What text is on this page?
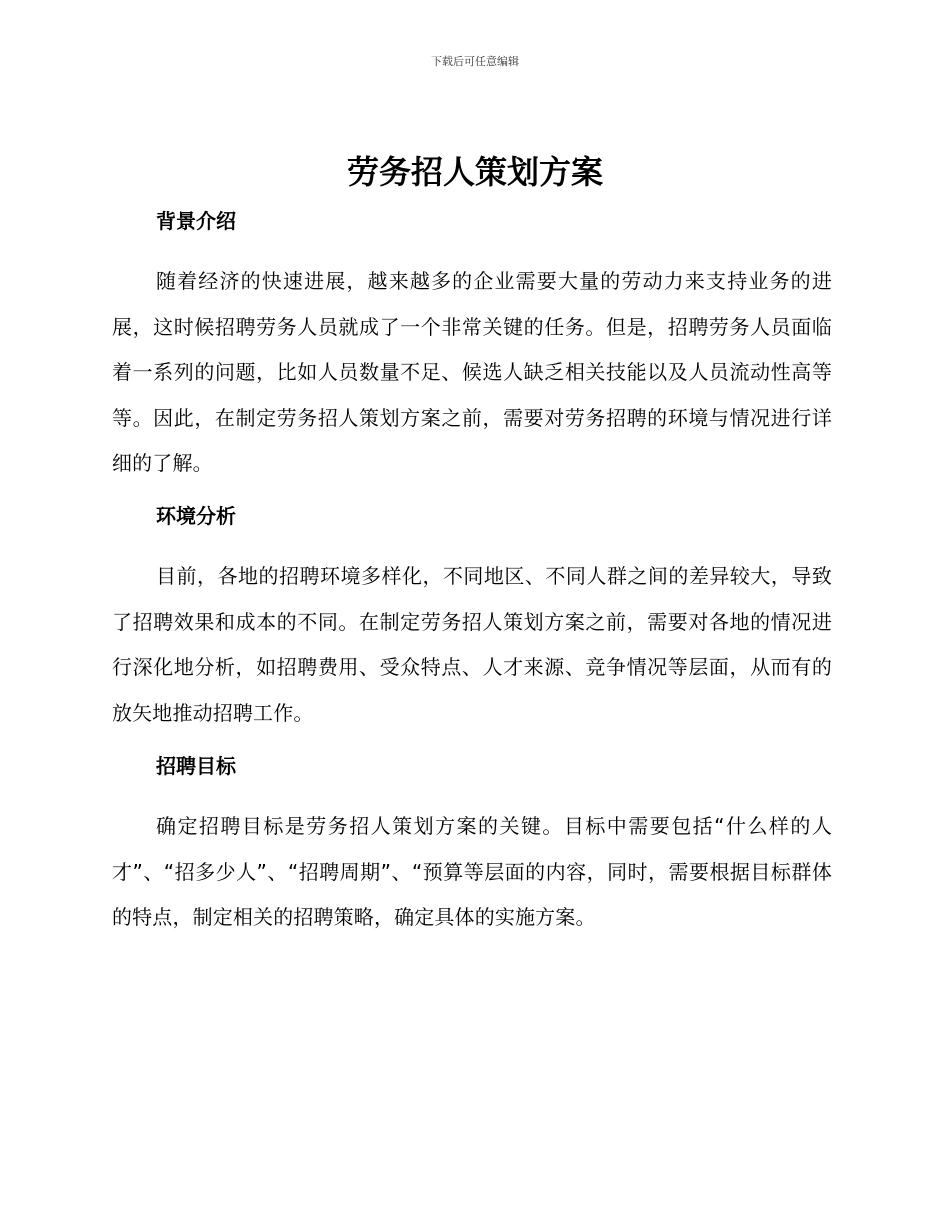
下载后可任意编辑
劳务招人策划方案
背景介绍

随着经济的快速进展，越来越多的企业需要大量的劳动力来支持业务的进展，这时候招聘劳务人员就成了一个非常关键的任务。但是，招聘劳务人员面临着一系列的问题，比如人员数量不足、候选人缺乏相关技能以及人员流动性高等等。因此，在制定劳务招人策划方案之前，需要对劳务招聘的环境与情况进行详细的了解。

环境分析

目前，各地的招聘环境多样化，不同地区、不同人群之间的差异较大，导致了招聘效果和成本的不同。在制定劳务招人策划方案之前，需要对各地的情况进行深化地分析，如招聘费用、受众特点、人才来源、竞争情况等层面，从而有的放矢地推动招聘工作。

招聘目标

确定招聘目标是劳务招人策划方案的关键。目标中需要包括“什么样的人才”、“招多少人”、“招聘周期”、“预算等层面的内容，同时，需要根据目标群体的特点，制定相关的招聘策略，确定具体的实施方案。
